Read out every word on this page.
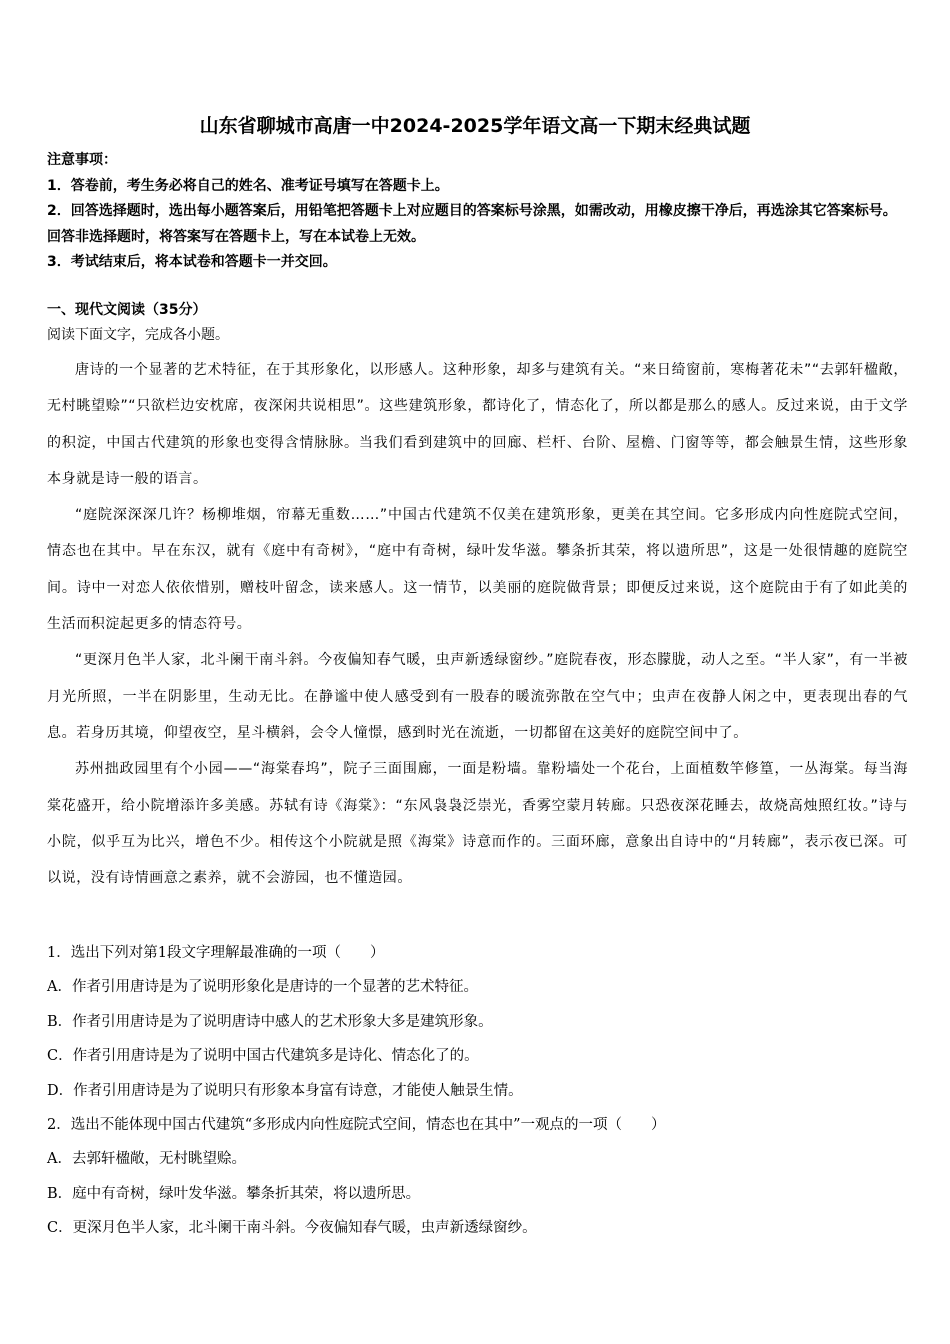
山东省聊城市高唐一中2024-2025学年语文高一下期末经典试题

注意事项：

1．答卷前，考生务必将自己的姓名、准考证号填写在答题卡上。

2．回答选择题时，选出每小题答案后，用铅笔把答题卡上对应题目的答案标号涂黑，如需改动，用橡皮擦干净后，再选涂其它答案标号。回答非选择题时，将答案写在答题卡上，写在本试卷上无效。

3．考试结束后，将本试卷和答题卡一并交回。

一、现代文阅读（35分）
阅读下面文字，完成各小题。

唐诗的一个显著的艺术特征，在于其形象化，以形感人。这种形象，却多与建筑有关。“来日绮窗前，寒梅著花未”“去郭轩楹敞，无村眺望赊”“只欲栏边安枕席，夜深闲共说相思”。这些建筑形象，都诗化了，情态化了，所以都是那么的感人。反过来说，由于文学的积淀，中国古代建筑的形象也变得含情脉脉。当我们看到建筑中的回廊、栏杆、台阶、屋檐、门窗等等，都会触景生情，这些形象本身就是诗一般的语言。

“庭院深深深几许？杨柳堆烟，帘幕无重数……”中国古代建筑不仅美在建筑形象，更美在其空间。它多形成内向性庭院式空间，情态也在其中。早在东汉，就有《庭中有奇树》，“庭中有奇树，绿叶发华滋。攀条折其荣，将以遗所思”，这是一处很情趣的庭院空间。诗中一对恋人依依惜别，赠枝叶留念，读来感人。这一情节，以美丽的庭院做背景；即便反过来说，这个庭院由于有了如此美的生活而积淀起更多的情态符号。

“更深月色半人家，北斗阑干南斗斜。今夜偏知春气暖，虫声新透绿窗纱。”庭院春夜，形态朦胧，动人之至。“半人家”，有一半被月光所照，一半在阴影里，生动无比。在静谧中使人感受到有一股春的暖流弥散在空气中；虫声在夜静人闲之中，更表现出春的气息。若身历其境，仰望夜空，星斗横斜，会令人憧憬，感到时光在流逝，一切都留在这美好的庭院空间中了。

苏州拙政园里有个小园——“海棠春坞”，院子三面围廊，一面是粉墙。靠粉墙处一个花台，上面植数竿修篁，一丛海棠。每当海棠花盛开，给小院增添许多美感。苏轼有诗《海棠》：“东风袅袅泛崇光，香雾空蒙月转廊。只恐夜深花睡去，故烧高烛照红妆。”诗与小院，似乎互为比兴，增色不少。相传这个小院就是照《海棠》诗意而作的。三面环廊，意象出自诗中的“月转廊”，表示夜已深。可以说，没有诗情画意之素养，就不会游园，也不懂造园。

1．选出下列对第1段文字理解最准确的一项（　　）

A．作者引用唐诗是为了说明形象化是唐诗的一个显著的艺术特征。

B．作者引用唐诗是为了说明唐诗中感人的艺术形象大多是建筑形象。

C．作者引用唐诗是为了说明中国古代建筑多是诗化、情态化了的。

D．作者引用唐诗是为了说明只有形象本身富有诗意，才能使人触景生情。

2．选出不能体现中国古代建筑“多形成内向性庭院式空间，情态也在其中”一观点的一项（　　）

A．去郭轩楹敞，无村眺望赊。

B．庭中有奇树，绿叶发华滋。攀条折其荣，将以遗所思。

C．更深月色半人家，北斗阑干南斗斜。今夜偏知春气暖，虫声新透绿窗纱。
